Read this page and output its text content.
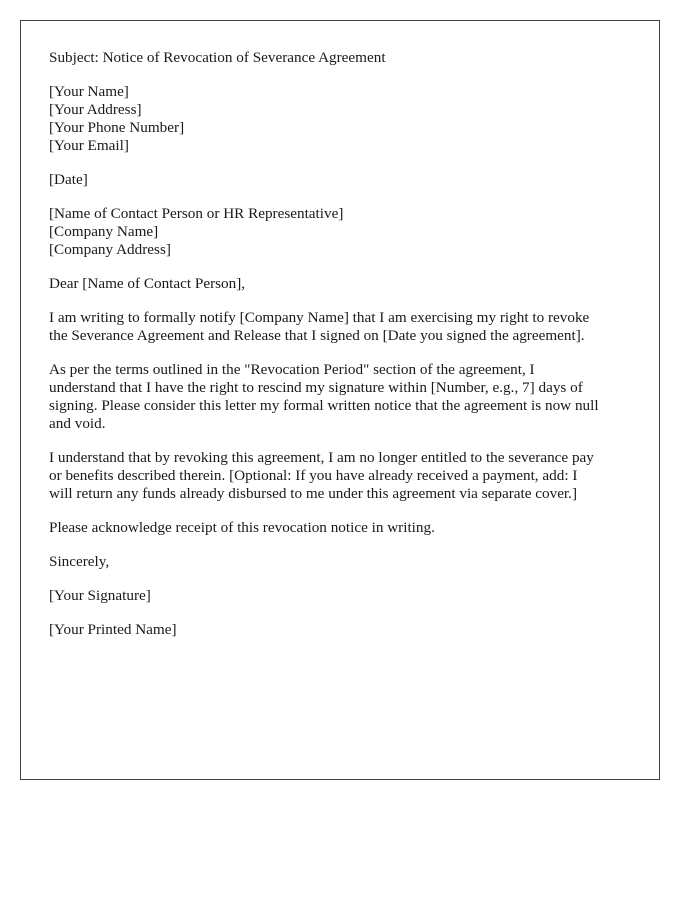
Subject: Notice of Revocation of Severance Agreement
[Your Name]
[Your Address]
[Your Phone Number]
[Your Email]
[Date]
[Name of Contact Person or HR Representative]
[Company Name]
[Company Address]
Dear [Name of Contact Person],
I am writing to formally notify [Company Name] that I am exercising my right to revoke
the Severance Agreement and Release that I signed on [Date you signed the agreement].
As per the terms outlined in the "Revocation Period" section of the agreement, I
understand that I have the right to rescind my signature within [Number, e.g., 7] days of
signing. Please consider this letter my formal written notice that the agreement is now null
and void.
I understand that by revoking this agreement, I am no longer entitled to the severance pay
or benefits described therein. [Optional: If you have already received a payment, add: I
will return any funds already disbursed to me under this agreement via separate cover.]
Please acknowledge receipt of this revocation notice in writing.
Sincerely,
[Your Signature]
[Your Printed Name]
